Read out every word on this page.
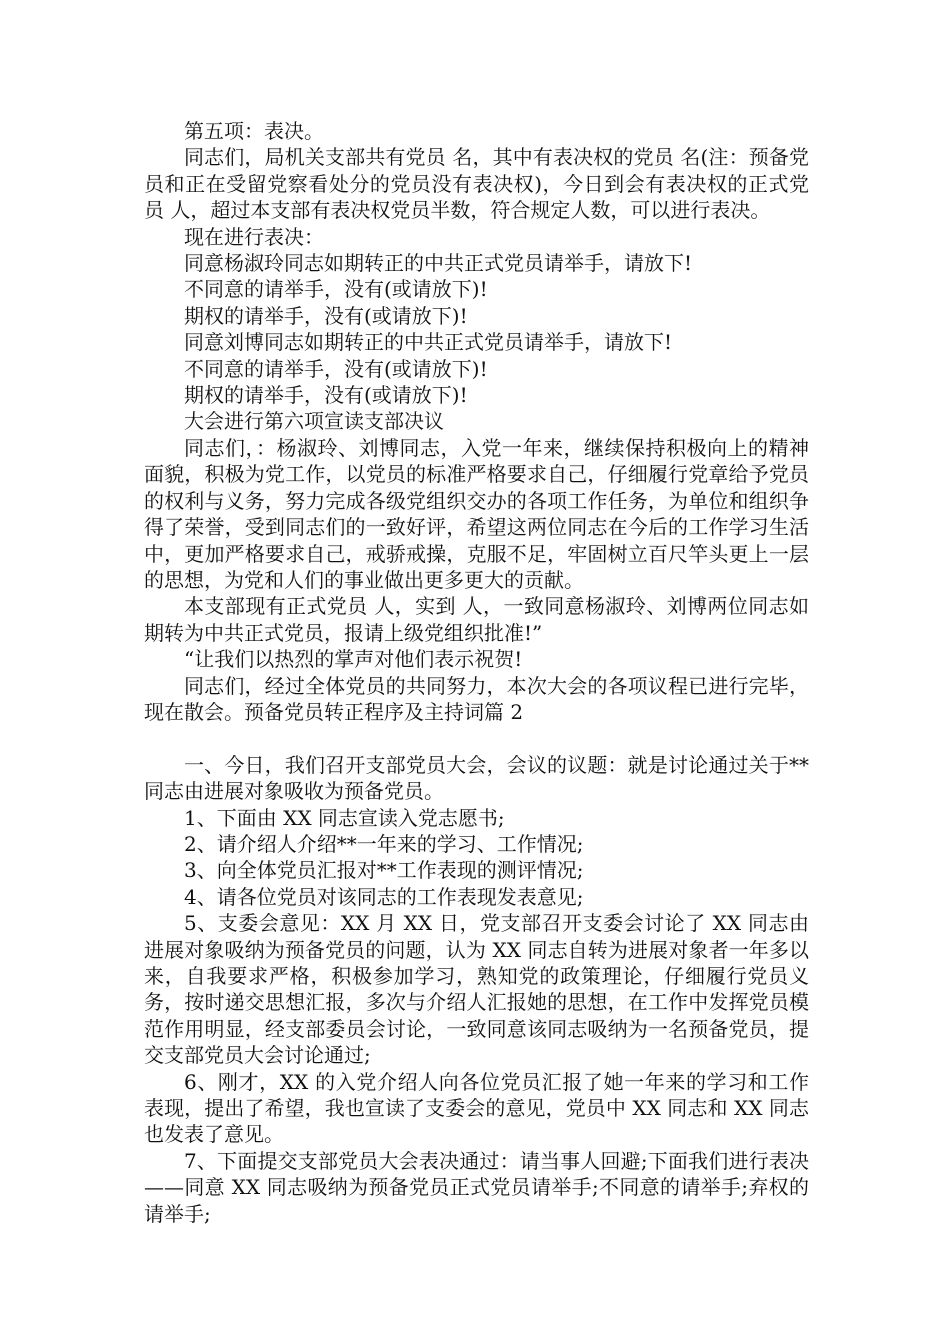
第五项：表决。

同志们，局机关支部共有党员 名，其中有表决权的党员 名(注：预备党员和正在受留党察看处分的党员没有表决权)，今日到会有表决权的正式党员 人，超过本支部有表决权党员半数，符合规定人数，可以进行表决。

现在进行表决：

同意杨淑玲同志如期转正的中共正式党员请举手，请放下!

不同意的请举手，没有(或请放下)!

期权的请举手，没有(或请放下)!

同意刘博同志如期转正的中共正式党员请举手，请放下!

不同意的请举手，没有(或请放下)!

期权的请举手，没有(或请放下)!

大会进行第六项宣读支部决议

同志们，：杨淑玲、刘博同志，入党一年来，继续保持积极向上的精神面貌，积极为党工作，以党员的标准严格要求自己，仔细履行党章给予党员的权利与义务，努力完成各级党组织交办的各项工作任务，为单位和组织争得了荣誉，受到同志们的一致好评，希望这两位同志在今后的工作学习生活中，更加严格要求自己，戒骄戒操，克服不足，牢固树立百尺竿头更上一层的思想，为党和人们的事业做出更多更大的贡献。

本支部现有正式党员 人，实到 人，一致同意杨淑玲、刘博两位同志如期转为中共正式党员，报请上级党组织批准!”

“让我们以热烈的掌声对他们表示祝贺!

同志们，经过全体党员的共同努力，本次大会的各项议程已进行完毕，现在散会。预备党员转正程序及主持词篇 2

一、今日，我们召开支部党员大会，会议的议题：就是讨论通过关于**同志由进展对象吸收为预备党员。

1、下面由 XX 同志宣读入党志愿书;

2、请介绍人介绍**一年来的学习、工作情况;

3、向全体党员汇报对**工作表现的测评情况;

4、请各位党员对该同志的工作表现发表意见;

5、支委会意见：XX 月 XX 日，党支部召开支委会讨论了 XX 同志由进展对象吸纳为预备党员的问题，认为 XX 同志自转为进展对象者一年多以来，自我要求严格，积极参加学习，熟知党的政策理论，仔细履行党员义务，按时递交思想汇报，多次与介绍人汇报她的思想，在工作中发挥党员模范作用明显，经支部委员会讨论，一致同意该同志吸纳为一名预备党员，提交支部党员大会讨论通过;

6、刚才，XX 的入党介绍人向各位党员汇报了她一年来的学习和工作表现，提出了希望，我也宣读了支委会的意见，党员中 XX 同志和 XX 同志也发表了意见。

7、下面提交支部党员大会表决通过：请当事人回避;下面我们进行表决——同意 XX 同志吸纳为预备党员正式党员请举手;不同意的请举手;弃权的请举手;
